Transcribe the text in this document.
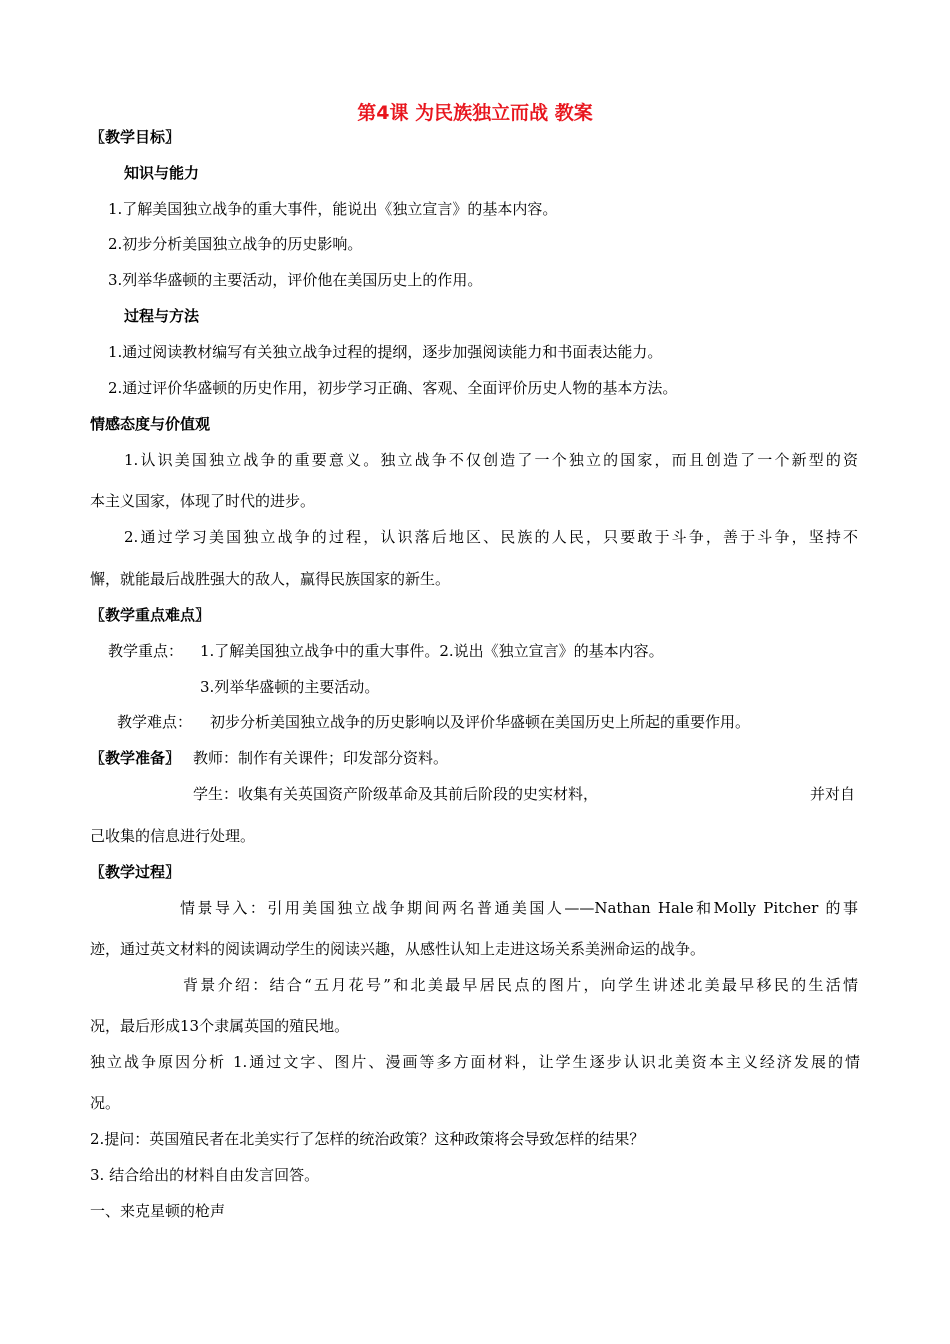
第4课 为民族独立而战 教案
〖教学目标〗
知识与能力
1.了解美国独立战争的重大事件，能说出《独立宣言》的基本内容。
2.初步分析美国独立战争的历史影响。
3.列举华盛顿的主要活动，评价他在美国历史上的作用。
过程与方法
1.通过阅读教材编写有关独立战争过程的提纲，逐步加强阅读能力和书面表达能力。
2.通过评价华盛顿的历史作用，初步学习正确、客观、全面评价历史人物的基本方法。
情感态度与价值观
1.认识美国独立战争的重要意义。独立战争不仅创造了一个独立的国家，而且创造了一个新型的资
本主义国家，体现了时代的进步。
2.通过学习美国独立战争的过程，认识落后地区、民族的人民，只要敢于斗争，善于斗争，坚持不
懈，就能最后战胜强大的敌人，赢得民族国家的新生。
〖教学重点难点〗
教学重点： 1.了解美国独立战争中的重大事件。2.说出《独立宣言》的基本内容。
3.列举华盛顿的主要活动。
教学难点： 初步分析美国独立战争的历史影响以及评价华盛顿在美国历史上所起的重要作用。
〖教学准备〗 教师：制作有关课件；印发部分资料。
学生：收集有关英国资产阶级革命及其前后阶段的史实材料，	并对自
己收集的信息进行处理。
〖教学过程〗
情景导入：引用美国独立战争期间两名普通美国人——Nathan Hale和Molly Pitcher 的事
迹，通过英文材料的阅读调动学生的阅读兴趣，从感性认知上走进这场关系美洲命运的战争。
背景介绍：结合“五月花号”和北美最早居民点的图片，向学生讲述北美最早移民的生活情
况，最后形成13个隶属英国的殖民地。
独立战争原因分析 1.通过文字、图片、漫画等多方面材料，让学生逐步认识北美资本主义经济发展的情
况。
2.提问：英国殖民者在北美实行了怎样的统治政策？这种政策将会导致怎样的结果？
3. 结合给出的材料自由发言回答。
一、来克星顿的枪声
